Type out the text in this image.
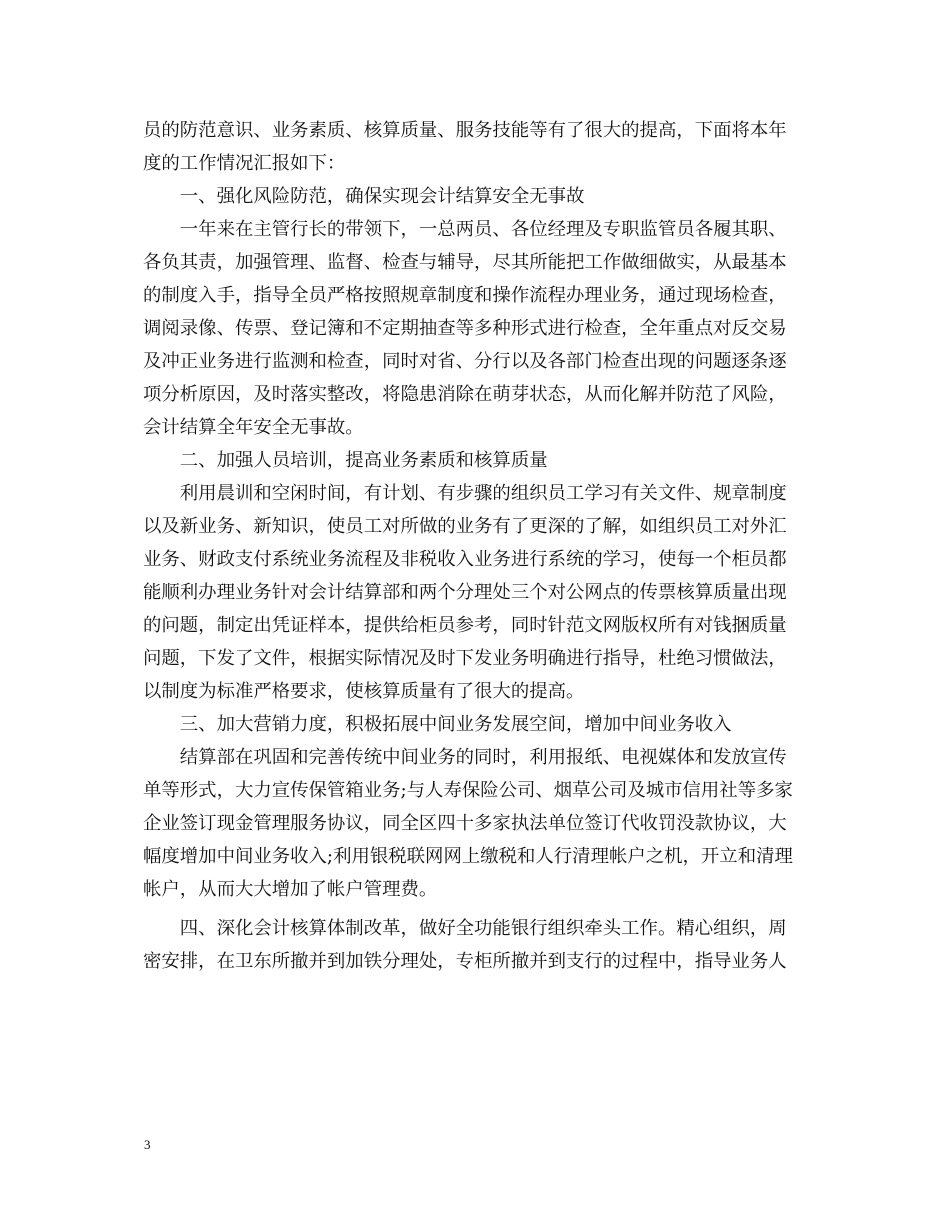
员的防范意识、业务素质、核算质量、服务技能等有了很大的提高，下面将本年
度的工作情况汇报如下：
　　一、强化风险防范，确保实现会计结算安全无事故
　　一年来在主管行长的带领下，一总两员、各位经理及专职监管员各履其职、
各负其责，加强管理、监督、检查与辅导，尽其所能把工作做细做实，从最基本
的制度入手，指导全员严格按照规章制度和操作流程办理业务，通过现场检查，
调阅录像、传票、登记簿和不定期抽查等多种形式进行检查，全年重点对反交易
及冲正业务进行监测和检查，同时对省、分行以及各部门检查出现的问题逐条逐
项分析原因，及时落实整改，将隐患消除在萌芽状态，从而化解并防范了风险，
会计结算全年安全无事故。
　　二、加强人员培训，提高业务素质和核算质量
　　利用晨训和空闲时间，有计划、有步骤的组织员工学习有关文件、规章制度
以及新业务、新知识，使员工对所做的业务有了更深的了解，如组织员工对外汇
业务、财政支付系统业务流程及非税收入业务进行系统的学习，使每一个柜员都
能顺利办理业务针对会计结算部和两个分理处三个对公网点的传票核算质量出现
的问题，制定出凭证样本，提供给柜员参考，同时针范文网版权所有对钱捆质量
问题，下发了文件，根据实际情况及时下发业务明确进行指导，杜绝习惯做法，
以制度为标准严格要求，使核算质量有了很大的提高。
　　三、加大营销力度，积极拓展中间业务发展空间，增加中间业务收入
　　结算部在巩固和完善传统中间业务的同时，利用报纸、电视媒体和发放宣传
单等形式，大力宣传保管箱业务;与人寿保险公司、烟草公司及城市信用社等多家
企业签订现金管理服务协议，同全区四十多家执法单位签订代收罚没款协议，大
幅度增加中间业务收入;利用银税联网网上缴税和人行清理帐户之机，开立和清理
帐户，从而大大增加了帐户管理费。
　　四、深化会计核算体制改革，做好全功能银行组织牵头工作。精心组织，周
密安排，在卫东所撤并到加铁分理处，专柜所撤并到支行的过程中，指导业务人
3
